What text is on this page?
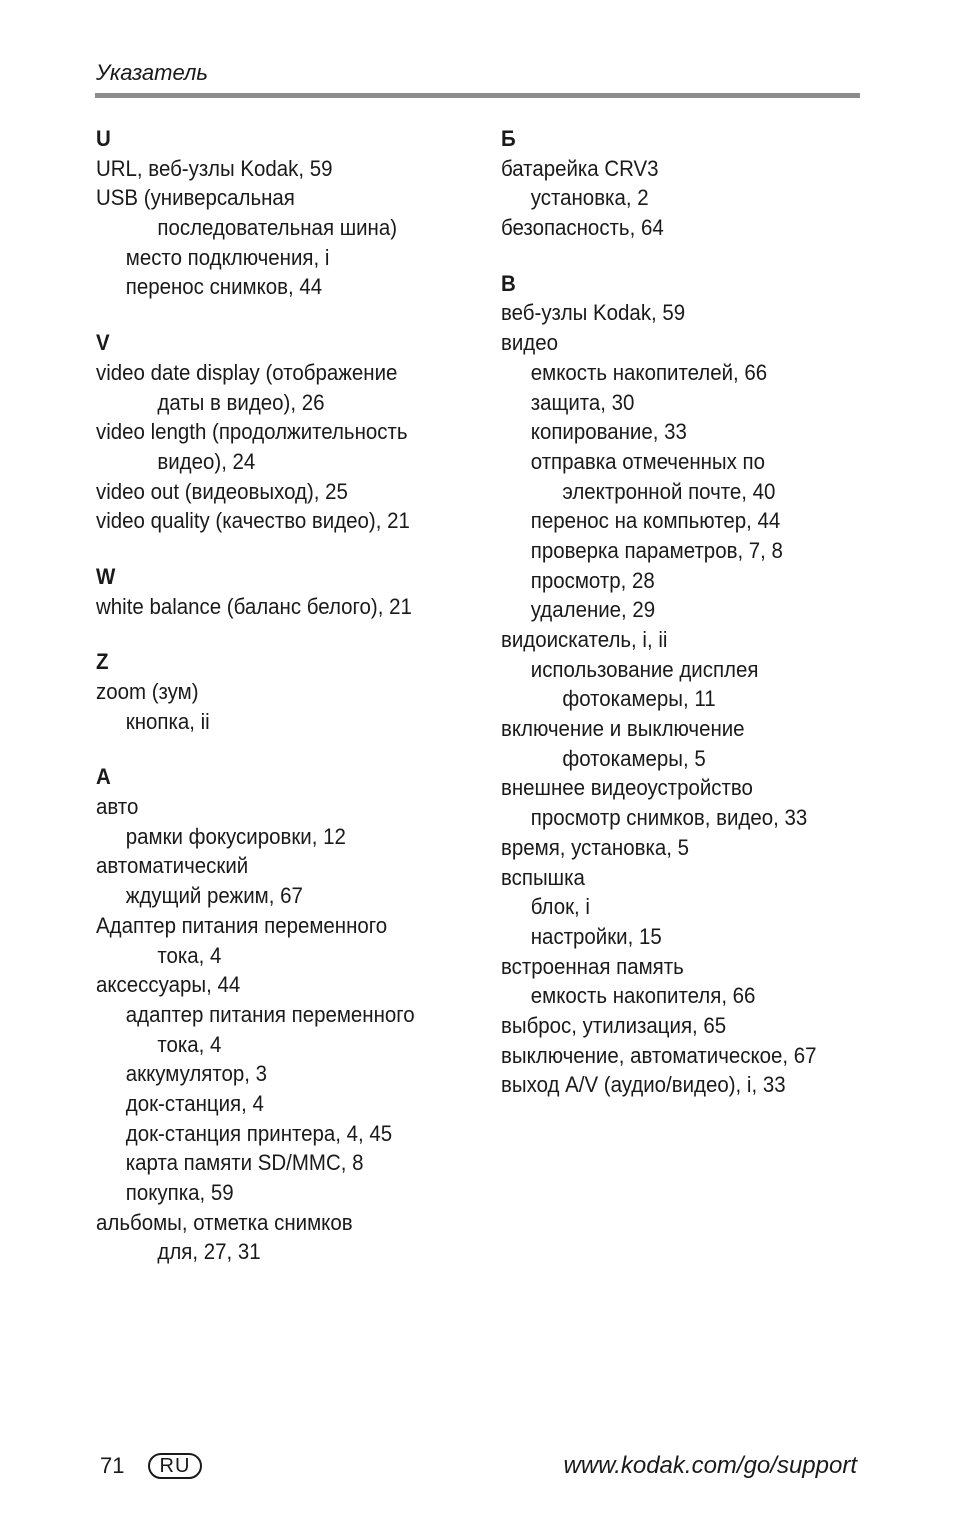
Указатель
U
URL, веб-узлы Kodak, 59
USB (универсальная
последовательная шина)
место подключения, i
перенос снимков, 44
V
video date display (отображение
даты в видео), 26
video length (продолжительность
видео), 24
video out (видеовыход), 25
video quality (качество видео), 21
W
white balance (баланс белого), 21
Z
zoom (зум)
кнопка, ii
A
авто
рамки фокусировки, 12
автоматический
ждущий режим, 67
Адаптер питания переменного
тока, 4
аксессуары, 44
адаптер питания переменного
тока, 4
аккумулятор, 3
док-станция, 4
док-станция принтера, 4, 45
карта памяти SD/MMC, 8
покупка, 59
альбомы, отметка снимков
для, 27, 31
Б
батарейка CRV3
установка, 2
безопасность, 64
В
веб-узлы Kodak, 59
видео
емкость накопителей, 66
защита, 30
копирование, 33
отправка отмеченных по
электронной почте, 40
перенос на компьютер, 44
проверка параметров, 7, 8
просмотр, 28
удаление, 29
видоискатель, i, ii
использование дисплея
фотокамеры, 11
включение и выключение
фотокамеры, 5
внешнее видеоустройство
просмотр снимков, видео, 33
время, установка, 5
вспышка
блок, i
настройки, 15
встроенная память
емкость накопителя, 66
выброс, утилизация, 65
выключение, автоматическое, 67
выход A/V (аудио/видео), i, 33
71	RU	www.kodak.com/go/support
